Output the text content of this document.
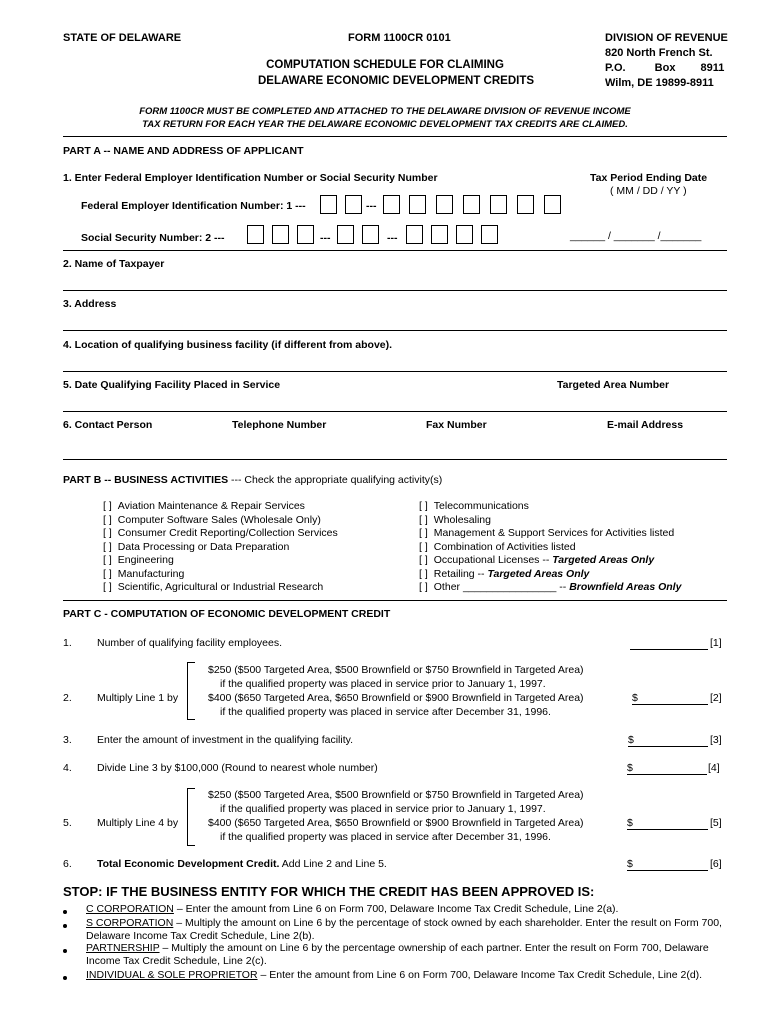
STATE OF DELAWARE	FORM 1100CR 0101
COMPUTATION SCHEDULE FOR CLAIMING
DELAWARE ECONOMIC DEVELOPMENT CREDITS
DIVISION OF REVENUE
820 North French St.
P.O.	Box 8911
Wilm, DE 19899-8911
FORM 1100CR MUST BE COMPLETED AND ATTACHED TO THE DELAWARE DIVISION OF REVENUE INCOME
TAX RETURN FOR EACH YEAR THE DELAWARE ECONOMIC DEVELOPMENT TAX CREDITS ARE CLAIMED.
PART A -- NAME AND ADDRESS OF APPLICANT
1. Enter Federal Employer Identification Number or Social Security Number	Tax Period Ending Date
( MM / DD / YY )
Federal Employer Identification Number: 1 ---	---
Social Security Number: 2 ---	---	---	______ / _______ /_______
2. Name of Taxpayer
3. Address
4. Location of qualifying business facility (if different from above).
5. Date Qualifying Facility Placed in Service	Targeted Area Number
6. Contact Person	Telephone Number	Fax Number	E-mail Address
PART B -- BUSINESS ACTIVITIES --- Check the appropriate qualifying activity(s)
[ ] Aviation Maintenance & Repair Services
[ ] Computer Software Sales (Wholesale Only)
[ ] Consumer Credit Reporting/Collection Services
[ ] Data Processing or Data Preparation
[ ] Engineering
[ ] Manufacturing
[ ] Scientific, Agricultural or Industrial Research
[ ] Telecommunications
[ ] Wholesaling
[ ] Management & Support Services for Activities listed
[ ] Combination of Activities listed
[ ] Occupational Licenses -- Targeted Areas Only
[ ] Retailing -- Targeted Areas Only
[ ] Other ________________ -- Brownfield Areas Only
PART C - COMPUTATION OF ECONOMIC DEVELOPMENT CREDIT
1. Number of qualifying facility employees.	[1]
$250 ($500 Targeted Area, $500 Brownfield or $750 Brownfield in Targeted Area)
if the qualified property was placed in service prior to January 1, 1997.
2. Multiply Line 1 by	$400 ($650 Targeted Area, $650 Brownfield or $900 Brownfield in Targeted Area)
if the qualified property was placed in service after December 31, 1996.
$	[2]
3. Enter the amount of investment in the qualifying facility.	$	[3]
4. Divide Line 3 by $100,000 (Round to nearest whole number)	$	[4]
$250 ($500 Targeted Area, $500 Brownfield or $750 Brownfield in Targeted Area)
if the qualified property was placed in service prior to January 1, 1997.
5. Multiply Line 4 by	$400 ($650 Targeted Area, $650 Brownfield or $900 Brownfield in Targeted Area)
if the qualified property was placed in service after December 31, 1996.
$	[5]
6. Total Economic Development Credit. Add Line 2 and Line 5.	$	[6]
STOP: IF THE BUSINESS ENTITY FOR WHICH THE CREDIT HAS BEEN APPROVED IS:
C CORPORATION – Enter the amount from Line 6 on Form 700, Delaware Income Tax Credit Schedule, Line 2(a).
S CORPORATION – Multiply the amount on Line 6 by the percentage of stock owned by each shareholder. Enter the result on Form 700,
Delaware Income Tax Credit Schedule, Line 2(b).
PARTNERSHIP – Multiply the amount on Line 6 by the percentage ownership of each partner. Enter the result on Form 700, Delaware
Income Tax Credit Schedule, Line 2(c).
INDIVIDUAL & SOLE PROPRIETOR – Enter the amount from Line 6 on Form 700, Delaware Income Tax Credit Schedule, Line 2(d).
